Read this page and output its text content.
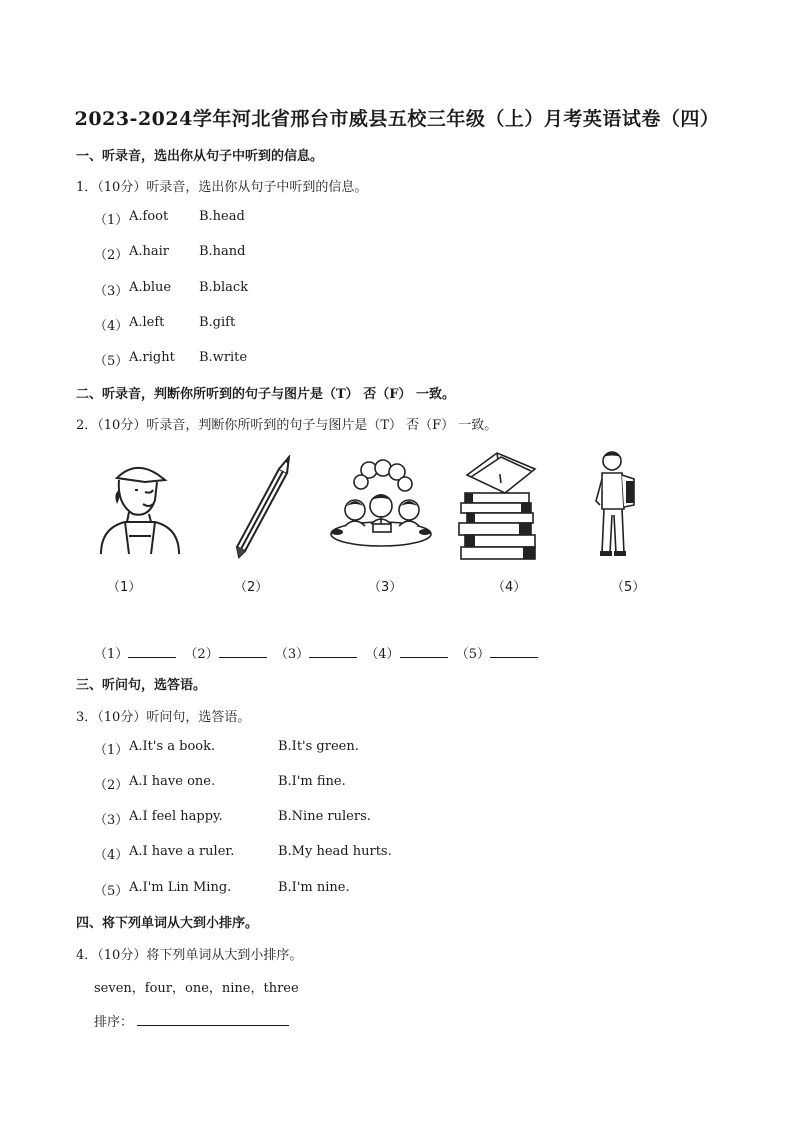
2023-2024学年河北省邢台市威县五校三年级（上）月考英语试卷（四）
一、听录音，选出你从句子中听到的信息。
1．（10分）听录音，选出你从句子中听到的信息。
（1） A.foot B.head
（2） A.hair B.hand
（3） A.blue B.black
（4） A.left	B.gift
（5） A.right B.write
二、听录音，判断你所听到的句子与图片是（T） 否（F） 一致。
2．（10分）听录音，判断你所听到的句子与图片是（T） 否（F） 一致。
（1）	（2）	（3）	（4）	（5）
（1）	（2）	（3）	（4）	（5）
三、听问句，选答语。
3．（10分）听问句，选答语。
（1） A.It's a book.	B.It's green.
（2） A.I have one.	B.I'm fine.
（3） A.I feel happy.	B.Nine rulers.
（4） A.I have a ruler.	B.My head hurts.
（5） A.I'm Lin Ming.	B.I'm nine.
四、将下列单词从大到小排序。
4．（10分）将下列单词从大到小排序。
seven，four，one，nine，three
排序：
